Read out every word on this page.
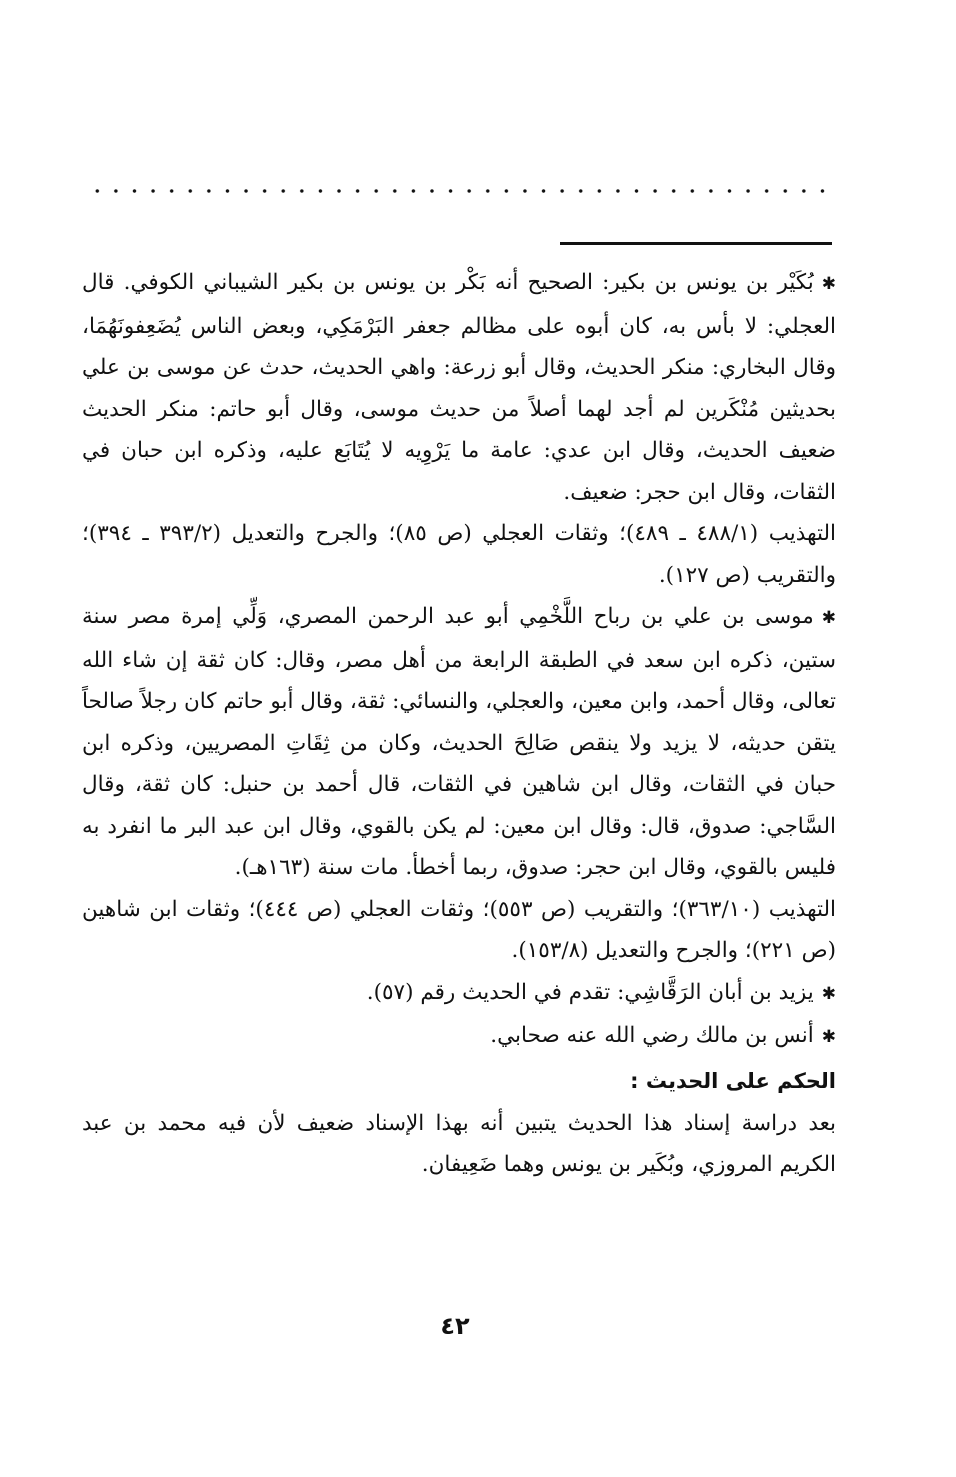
✱بُكَيْر بن يونس بن بكير: الصحيح أنه بَكْر بن يونس بن بكير الشيباني الكوفي. قال العجلي: لا بأس به، كان أبوه على مظالم جعفر البَرْمَكِي، وبعض الناس يُضَعِفونَهُمَا، وقال البخاري: منكر الحديث، وقال أبو زرعة: واهي الحديث، حدث عن موسى بن علي بحديثين مُنْكَرين لم أجد لهما أصلاً من حديث موسى، وقال أبو حاتم: منكر الحديث ضعيف الحديث، وقال ابن عدي: عامة ما يَرْوِيه لا يُتَابَع عليه، وذكره ابن حبان في الثقات، وقال ابن حجر: ضعيف.

التهذيب (٤٨٨/١ ـ ٤٨٩)؛ وثقات العجلي (ص ٨٥)؛ والجرح والتعديل (٣٩٣/٢ ـ ٣٩٤)؛ والتقريب (ص ١٢٧).

✱موسى بن علي بن رباح اللَّخْمِي أبو عبد الرحمن المصري، وَلِّي إمرة مصر سنة ستين، ذكره ابن سعد في الطبقة الرابعة من أهل مصر، وقال: كان ثقة إن شاء الله تعالى، وقال أحمد، وابن معين، والعجلي، والنسائي: ثقة، وقال أبو حاتم كان رجلاً صالحاً يتقن حديثه، لا يزيد ولا ينقص صَالِحَ الحديث، وكان من ثِقَاتِ المصريين، وذكره ابن حبان في الثقات، وقال ابن شاهين في الثقات، قال أحمد بن حنبل: كان ثقة، وقال السَّاجي: صدوق، قال: وقال ابن معين: لم يكن بالقوي، وقال ابن عبد البر ما انفرد به فليس بالقوي، وقال ابن حجر: صدوق، ربما أخطأ. مات سنة (١٦٣هـ).

التهذيب (٣٦٣/١٠)؛ والتقريب (ص ٥٥٣)؛ وثقات العجلي (ص ٤٤٤)؛ وثقات ابن شاهين (ص ٢٢١)؛ والجرح والتعديل (١٥٣/٨).

✱يزيد بن أبان الرَقَّاشِي: تقدم في الحديث رقم (٥٧).

✱أنس بن مالك رضي الله عنه صحابي.

الحكم على الحديث :

بعد دراسة إسناد هذا الحديث يتبين أنه بهذا الإسناد ضعيف لأن فيه محمد بن عبد الكريم المروزي، وبُكَير بن يونس وهما ضَعِيفان.

٤٢
